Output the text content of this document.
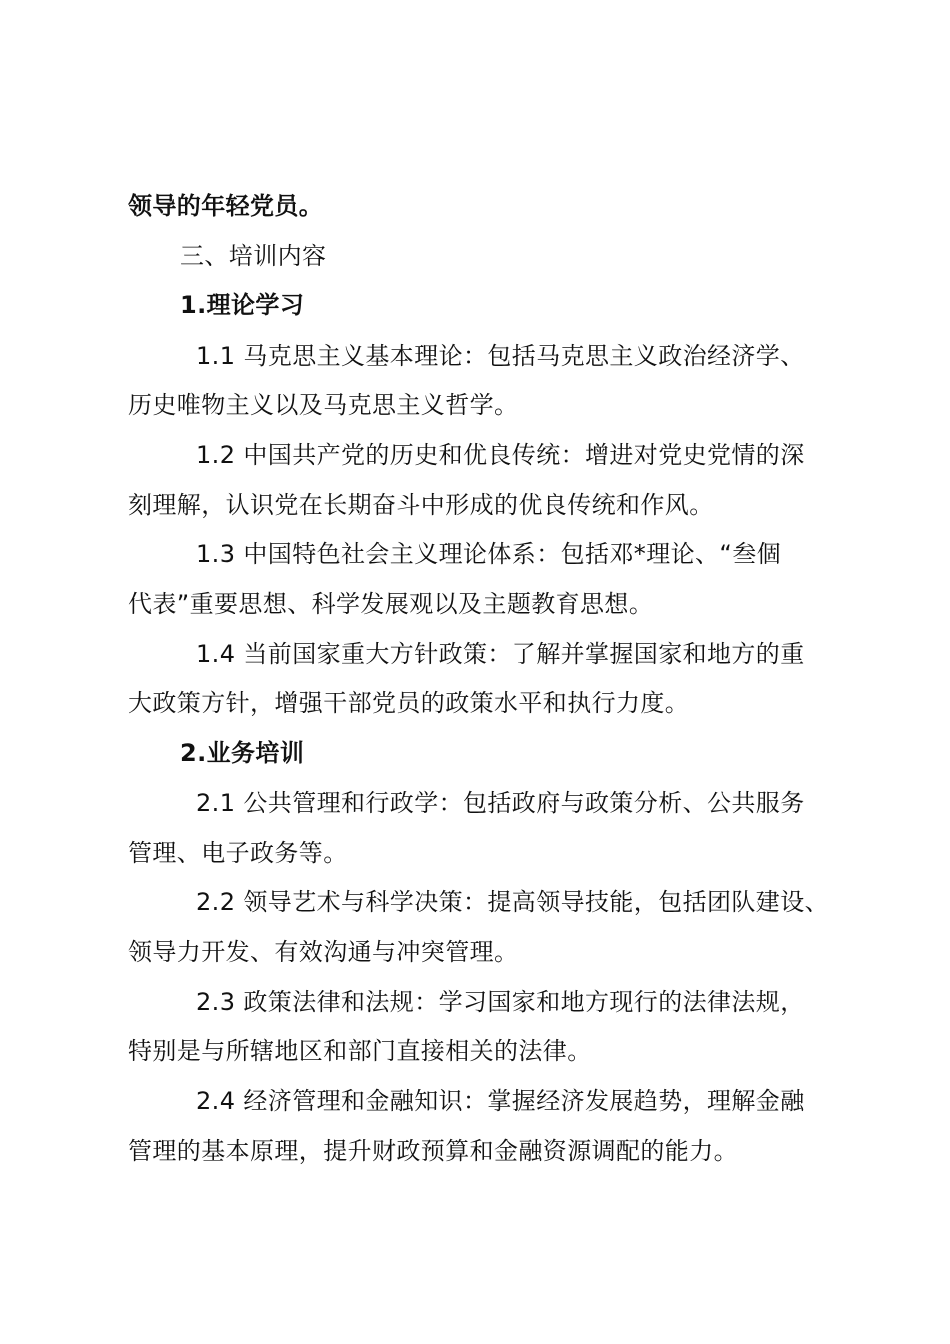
领导的年轻党员。
三、培训内容
1.理论学习
1.1 马克思主义基本理论：包括马克思主义政治经济学、
历史唯物主义以及马克思主义哲学。
1.2 中国共产党的历史和优良传统：增进对党史党情的深
刻理解，认识党在长期奋斗中形成的优良传统和作风。
1.3 中国特色社会主义理论体系：包括邓*理论、“叁個
代表”重要思想、科学发展观以及主题教育思想。
1.4 当前国家重大方针政策：了解并掌握国家和地方的重
大政策方针，增强干部党员的政策水平和执行力度。
2.业务培训
2.1 公共管理和行政学：包括政府与政策分析、公共服务
管理、电子政务等。
2.2 领导艺术与科学决策：提高领导技能，包括团队建设、
领导力开发、有效沟通与冲突管理。
2.3 政策法律和法规：学习国家和地方现行的法律法规，
特别是与所辖地区和部门直接相关的法律。
2.4 经济管理和金融知识：掌握经济发展趋势，理解金融
管理的基本原理，提升财政预算和金融资源调配的能力。
